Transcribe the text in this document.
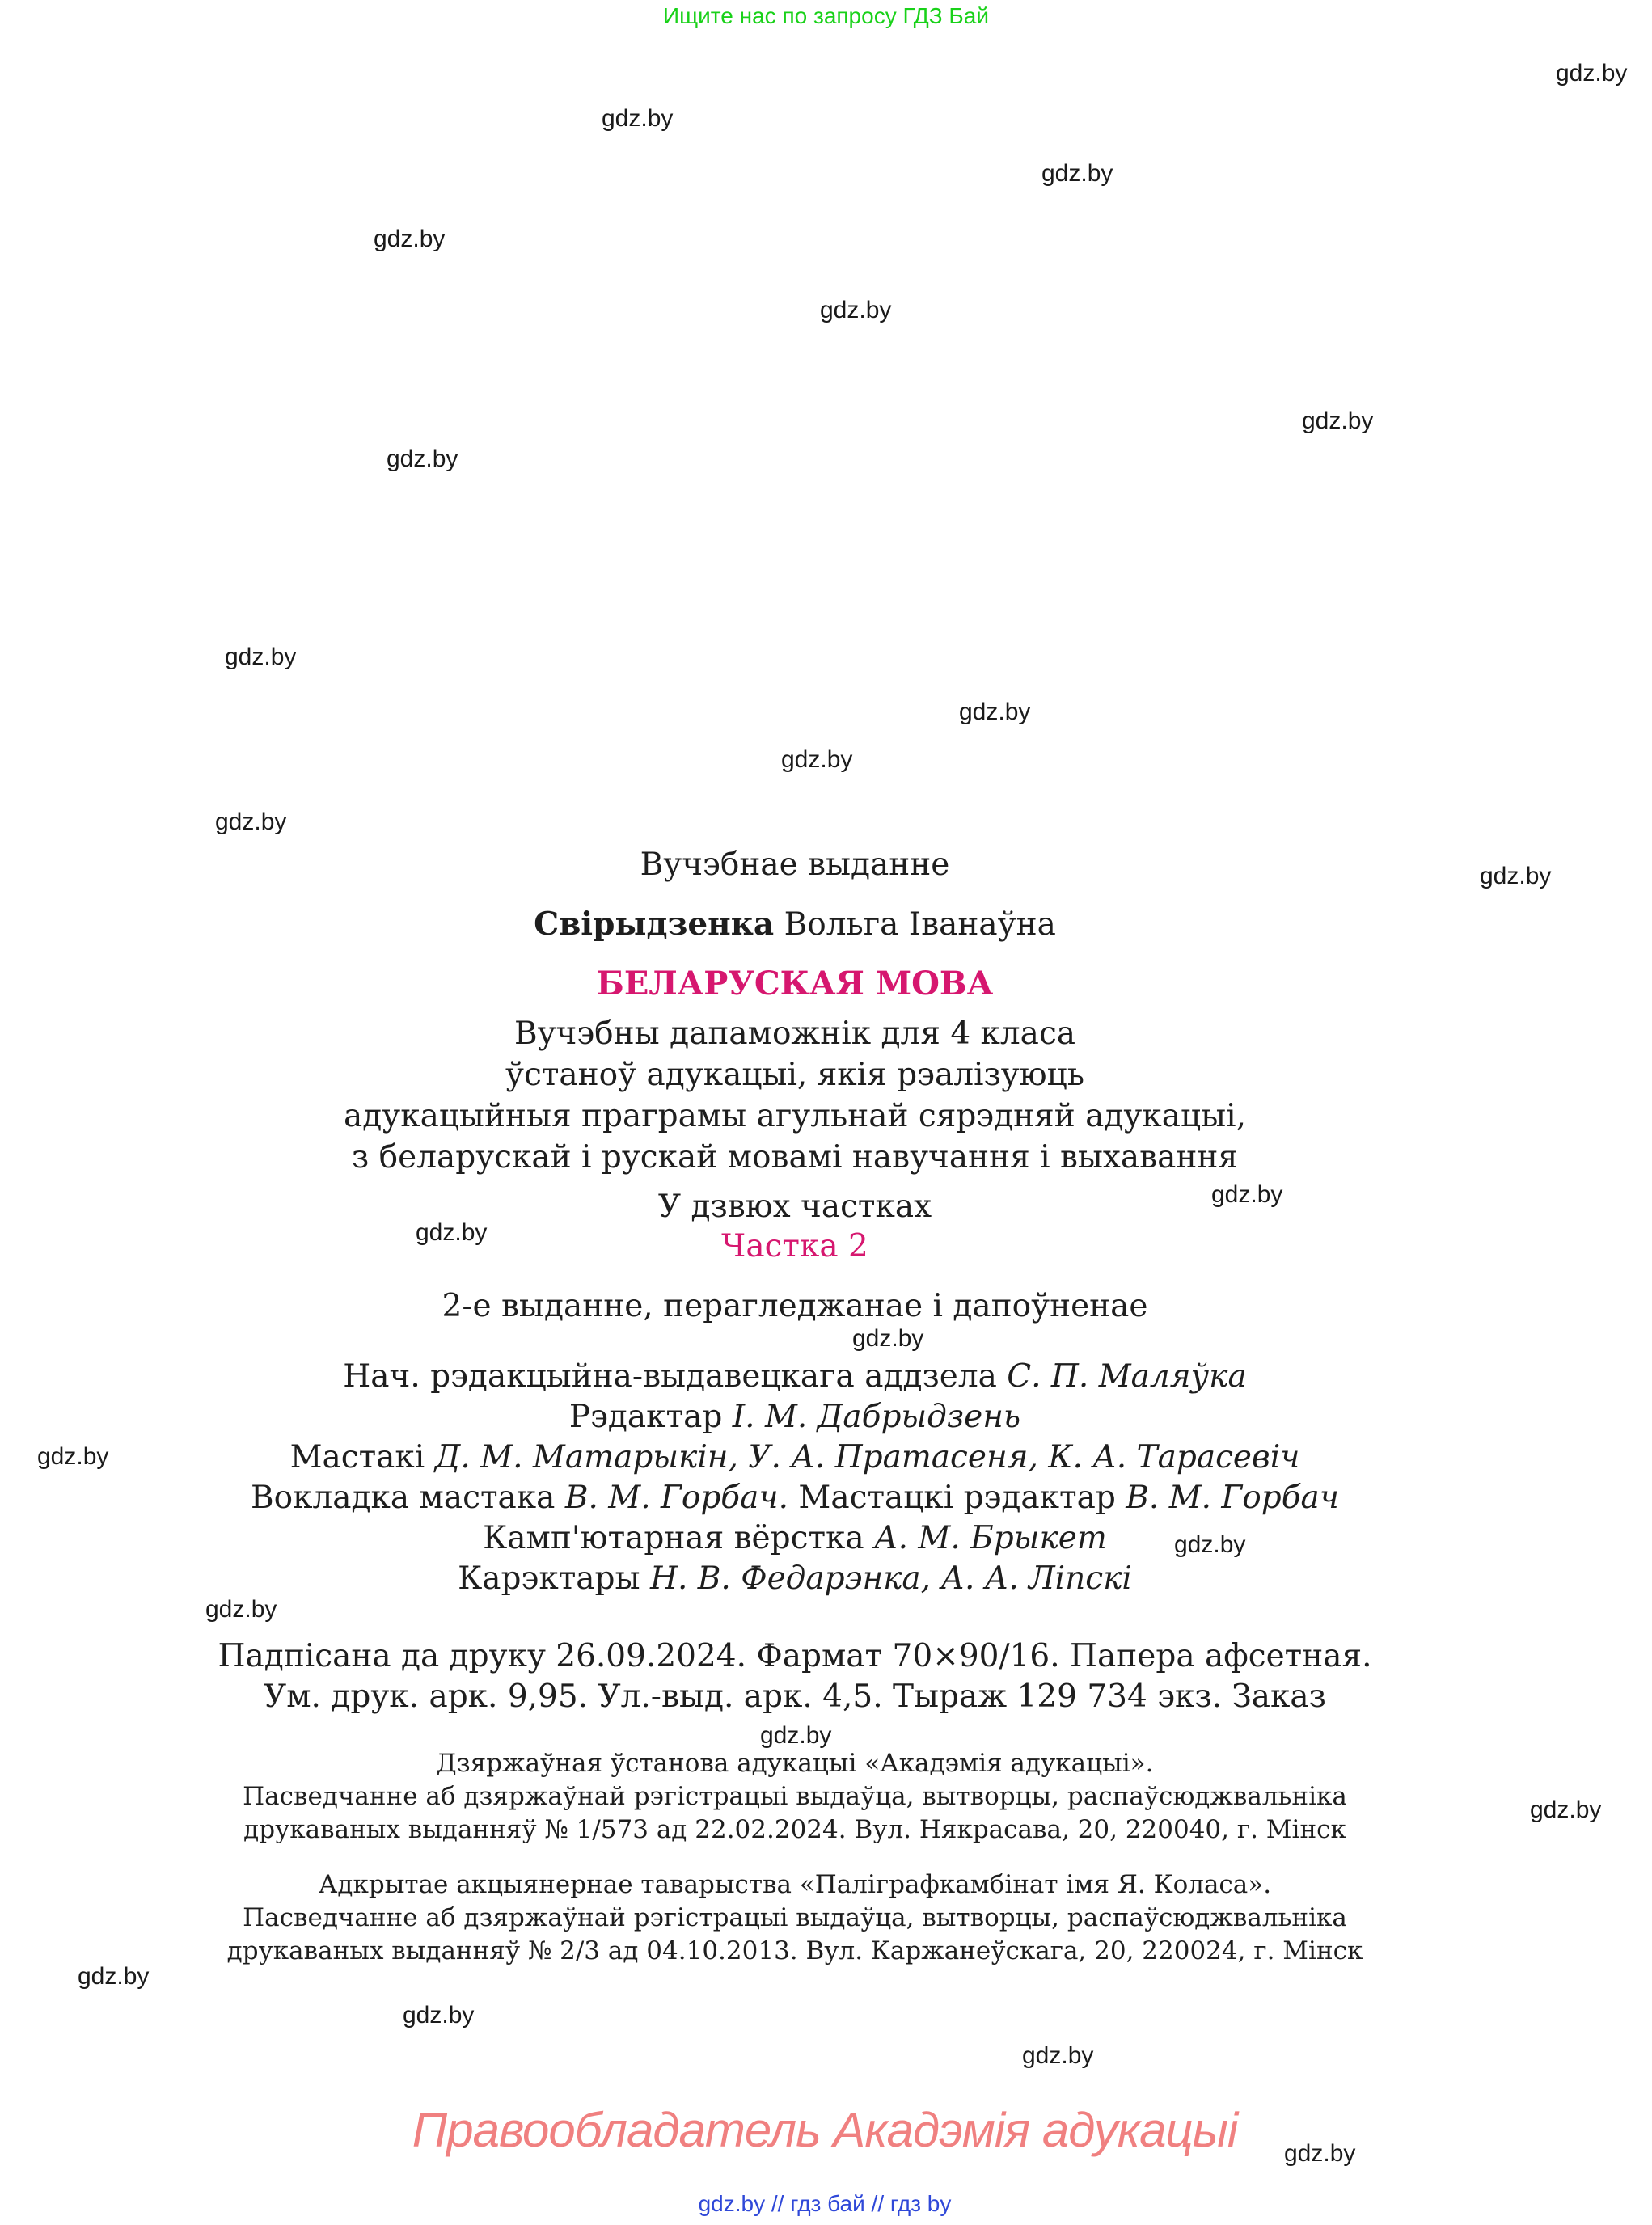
Ищите нас по запросу ГДЗ Бай
gdz.by
gdz.by
gdz.by
gdz.by
gdz.by
gdz.by
gdz.by
gdz.by
gdz.by
gdz.by
gdz.by
gdz.by
gdz.by
gdz.by
gdz.by
gdz.by
gdz.by
gdz.by
gdz.by
gdz.by
gdz.by
gdz.by
gdz.by
gdz.by
Вучэбнае выданне
Свірыдзенка Вольга Іванаўна
БЕЛАРУСКАЯ МОВА
Вучэбны дапаможнік для 4 класа
ўстаноў адукацыі, якія рэалізуюць
адукацыйныя праграмы агульнай сярэдняй адукацыі,
з беларускай і рускай мовамі навучання і выхавання
У дзвюх частках
Частка 2
2-е выданне, перагледжанае і дапоўненае
Нач. рэдакцыйна-выдавецкага аддзела С. П. Маляўка
Рэдактар І. М. Дабрыдзень
Мастакі Д. М. Матарыкін, У. А. Пратасеня, К. А. Тарасевіч
Вокладка мастака В. М. Горбач. Мастацкі рэдактар В. М. Горбач
Камп'ютарная вёрстка А. М. Брыкет
Карэктары Н. В. Федарэнка, А. А. Ліпскі
Падпісана да друку 26.09.2024. Фармат 70×90/16. Папера афсетная.
Ум. друк. арк. 9,95. Ул.-выд. арк. 4,5. Тыраж 129 734 экз. Заказ
Дзяржаўная ўстанова адукацыі «Акадэмія адукацыі».
Пасведчанне аб дзяржаўнай рэгістрацыі выдаўца, вытворцы, распаўсюджвальніка
друкаваных выданняў № 1/573 ад 22.02.2024. Вул. Някрасава, 20, 220040, г. Мінск
Адкрытае акцыянернае таварыства «Паліграфкамбінат імя Я. Коласа».
Пасведчанне аб дзяржаўнай рэгістрацыі выдаўца, вытворцы, распаўсюджвальніка
друкаваных выданняў № 2/3 ад 04.10.2013. Вул. Каржанеўскага, 20, 220024, г. Мінск
Правообладатель Акадэмія адукацыі
gdz.by // гдз бай // гдз by
